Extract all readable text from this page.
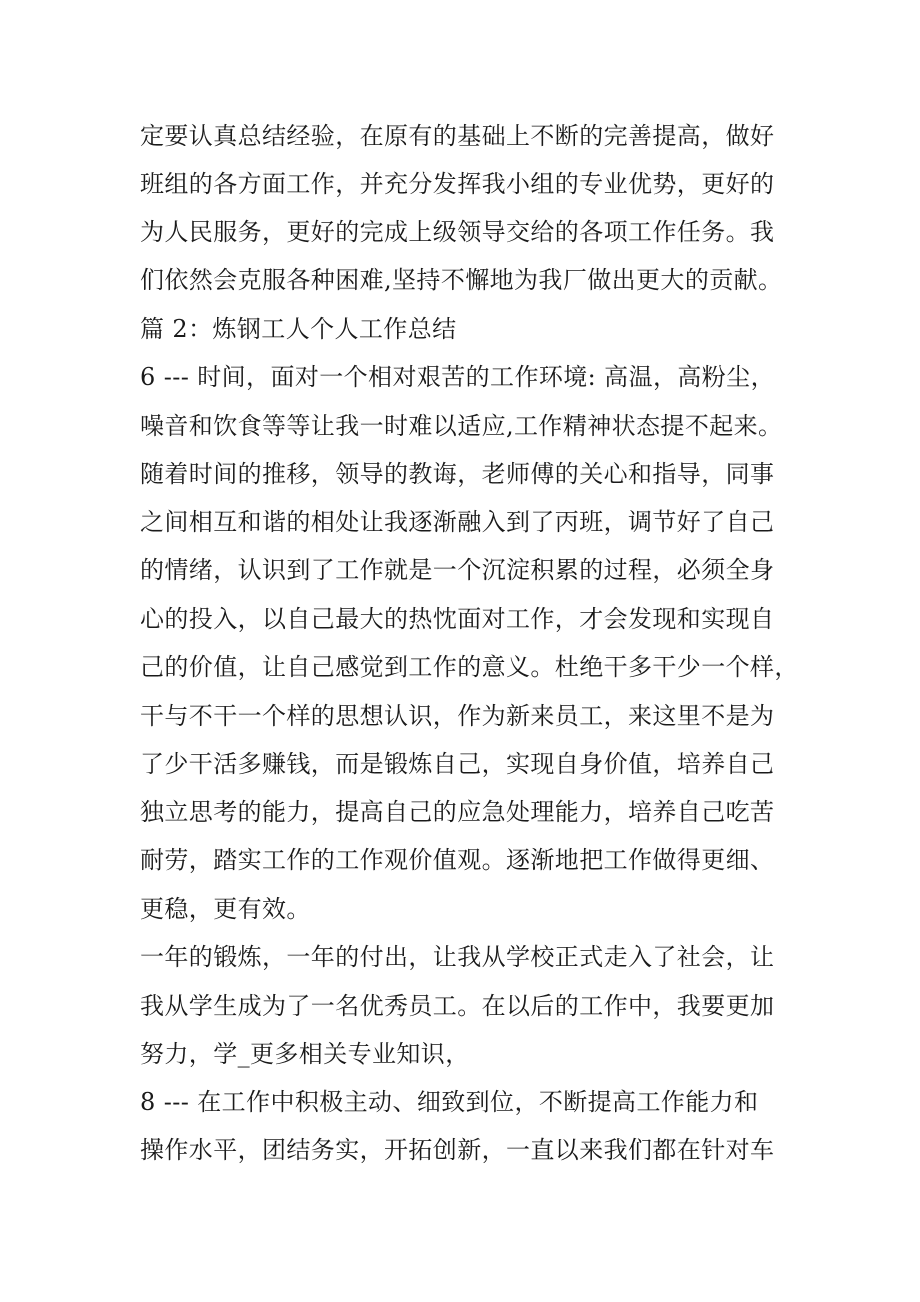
定要认真总结经验，在原有的基础上不断的完善提高，做好
班组的各方面工作，并充分发挥我小组的专业优势，更好的
为人民服务，更好的完成上级领导交给的各项工作任务。我
们依然会克服各种困难,坚持不懈地为我厂做出更大的贡献。
篇 2：炼钢工人个人工作总结
6 --- 时间，面对一个相对艰苦的工作环境: 高温，高粉尘，
噪音和饮食等等让我一时难以适应,工作精神状态提不起来。
随着时间的推移，领导的教诲，老师傅的关心和指导，同事
之间相互和谐的相处让我逐渐融入到了丙班，调节好了自己
的情绪，认识到了工作就是一个沉淀积累的过程，必须全身
心的投入，以自己最大的热忱面对工作，才会发现和实现自
己的价值，让自己感觉到工作的意义。杜绝干多干少一个样，
干与不干一个样的思想认识，作为新来员工，来这里不是为
了少干活多赚钱，而是锻炼自己，实现自身价值，培养自己
独立思考的能力，提高自己的应急处理能力，培养自己吃苦
耐劳，踏实工作的工作观价值观。逐渐地把工作做得更细、
更稳，更有效。
一年的锻炼，一年的付出，让我从学校正式走入了社会，让
我从学生成为了一名优秀员工。在以后的工作中，我要更加
努力，学_更多相关专业知识，
8 --- 在工作中积极主动、细致到位，不断提高工作能力和
操作水平，团结务实，开拓创新，一直以来我们都在针对车
